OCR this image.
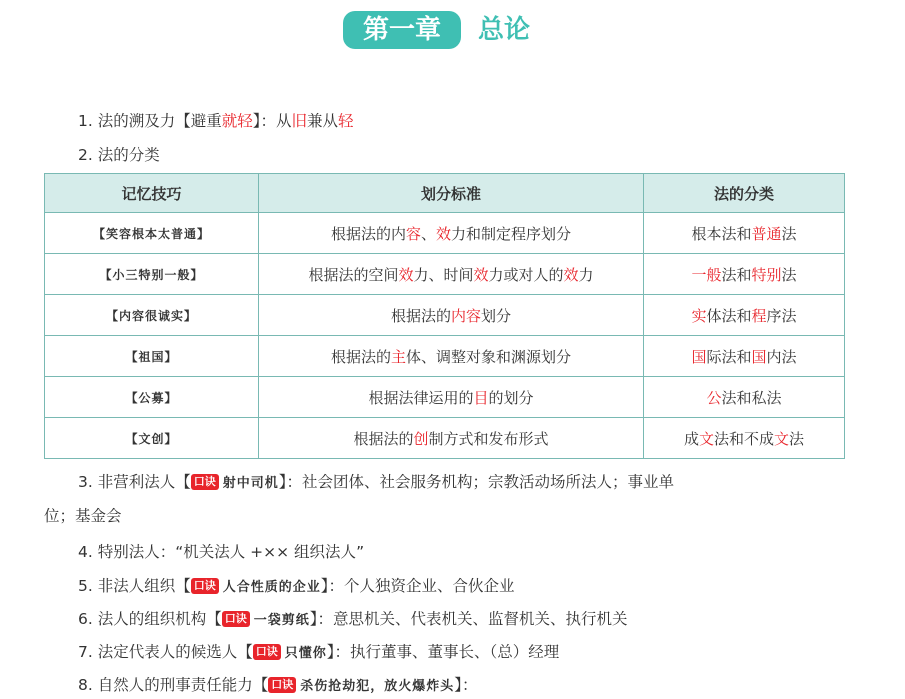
第一章	总论
1. 法的溯及力【避重就轻】：从旧兼从轻
2. 法的分类
记忆技巧	划分标准	法的分类
【笑容根本太普通】	根据法的内容、效力和制定程序划分	根本法和普通法
【小三特别一般】	根据法的空间效力、时间效力或对人的效力	一般法和特别法
【内容很诚实】	根据法的内容划分	实体法和程序法
【祖国】	根据法的主体、调整对象和渊源划分	国际法和国内法
【公募】	根据法律运用的目的划分	公法和私法
【文创】	根据法的创制方式和发布形式	成文法和不成文法
3. 非营利法人【 口诀 射中司机】：社会团体、社会服务机构；宗教活动场所法人；事业单
位；基金会
4. 特别法人：“机关法人 +×× 组织法人”
5. 非法人组织【 口诀 人合性质的企业】：个人独资企业、合伙企业
6. 法人的组织机构【 口诀 一袋剪纸】：意思机关、代表机关、监督机关、执行机关
7. 法定代表人的候选人【 口诀 只懂你】：执行董事、董事长、（总）经理
8. 自然人的刑事责任能力【 口诀 杀伤抢劫犯，放火爆炸头】：
